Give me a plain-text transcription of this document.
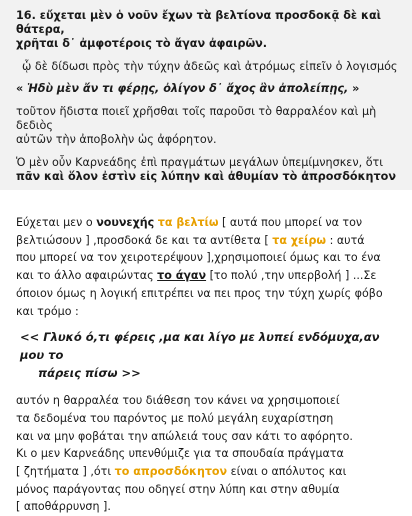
16. εὔχεται μὲν ὁ νοῦν ἔχων τὰ βελτίονα προσδοκᾷ δὲ καὶ θάτερα,
χρῆται δ᾽ ἀμφοτέροις τὸ ἄγαν ἀφαιρῶν.

ᾧ δὲ δίδωσι πρὸς τὴν τύχην ἀδεῶς καὶ ἀτρόμως εἰπεῖν ὁ λογισμός

« Ἡδὺ μὲν ἄν τι φέρῃς, ὀλίγον δ᾽ ἄχος ἂν ἀπολείπῃς, »

τοῦτον ἥδιστα ποιεῖ χρῆσθαι τοῖς παροῦσι τὸ θαρραλέον καὶ μὴ δεδιὸς
αὐτῶν τὴν ἀποβολὴν ὡς ἀφόρητον.

Ὁ μὲν οὖν Καρνεάδης ἐπὶ πραγμάτων μεγάλων ὑπεμίμνησκεν, ὅτι
πᾶν καὶ ὅλον ἐστὶν εἰς λύπην καὶ ἀθυμίαν τὸ ἀπροσδόκητον

Εύχεται μεν ο νουνεχής τα βελτίω [ αυτά που μπορεί να τον
βελτιώσουν ] ,προσδοκά δε και τα αντίθετα [ τα χείρω : αυτά
που μπορεί να τον χειροτερέψουν ],χρησιμοποιεί όμως και το ένα
και το άλλο αφαιρώντας το άγαν [το πολύ ,την υπερβολή ] ...Σε
όποιον όμως η λογική επιτρέπει να πει προς την τύχη χωρίς φόβο
και τρόμο :

<< Γλυκό ό,τι φέρεις ,μα και λίγο με λυπεί ενδόμυχα,αν μου το
πάρεις πίσω >>

αυτόν η θαρραλέα του διάθεση τον κάνει να χρησιμοποιεί
τα δεδομένα του παρόντος με πολύ μεγάλη ευχαρίστηση
και να μην φοβάται την απώλειά τους σαν κάτι το αφόρητο.
Κι ο μεν Καρνεάδης υπενθύμιζε για τα σπουδαία πράγματα
[ ζητήματα ] ,ότι το απροσδόκητον είναι ο απόλυτος και
μόνος παράγοντας που οδηγεί στην λύπη και στην αθυμία
[ αποθάρρυνση ].
